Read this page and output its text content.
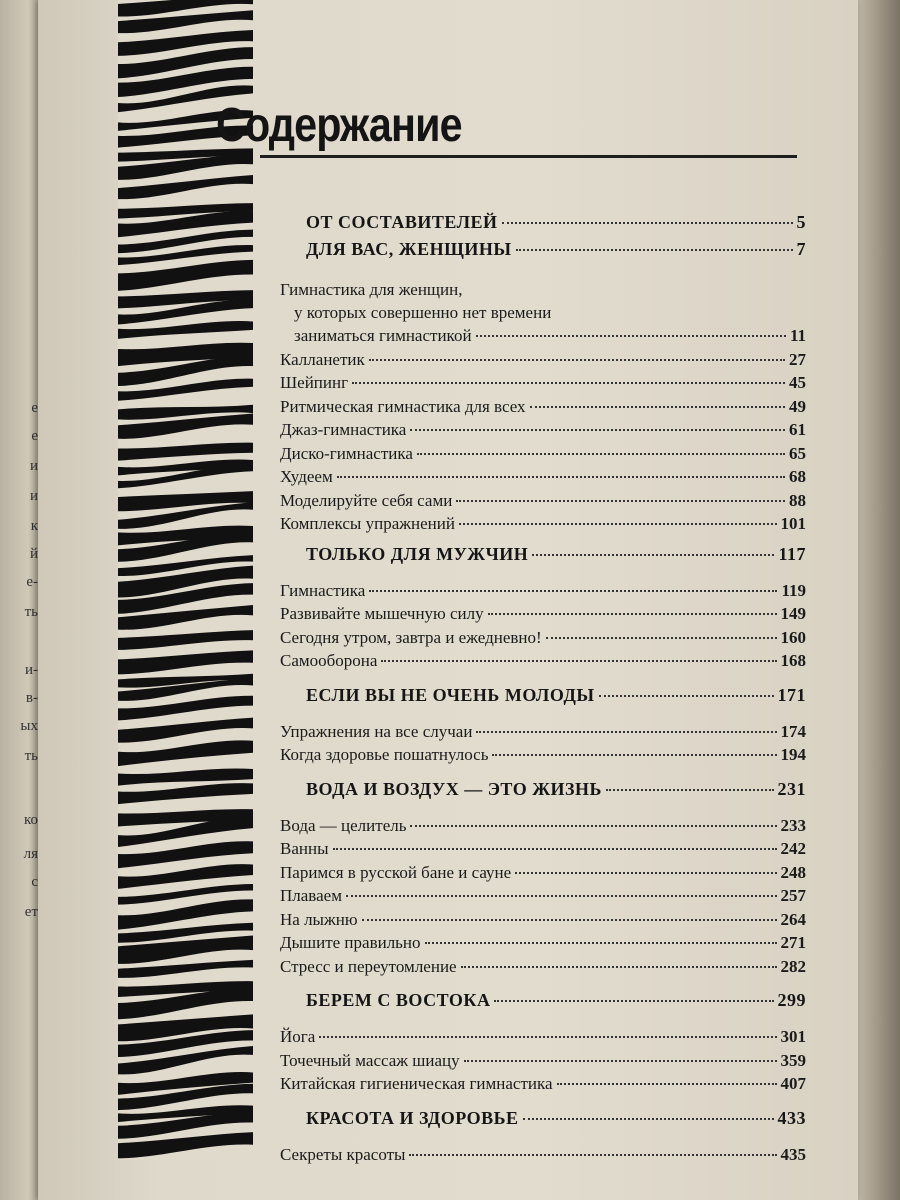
е
е
и
и
к
й
е-
ть
и-
в-
ых
ть
ко
ля
с
ет
Содержание
ОТ СОСТАВИТЕЛЕЙ	5
ДЛЯ ВАС, ЖЕНЩИНЫ	7
Гимнастика для женщин,
у которых совершенно нет времени
заниматься гимнастикой	11
Калланетик	27
Шейпинг	45
Ритмическая гимнастика для всех	49
Джаз-гимнастика	61
Диско-гимнастика	65
Худеем	68
Моделируйте себя сами	88
Комплексы упражнений	101
ТОЛЬКО ДЛЯ МУЖЧИН	117
Гимнастика	119
Развивайте мышечную силу	149
Сегодня утром, завтра и ежедневно!	160
Самооборона	168
ЕСЛИ ВЫ НЕ ОЧЕНЬ МОЛОДЫ	171
Упражнения на все случаи	174
Когда здоровье пошатнулось	194
ВОДА И ВОЗДУХ — ЭТО ЖИЗНЬ	231
Вода — целитель	233
Ванны	242
Паримся в русской бане и сауне	248
Плаваем	257
На лыжню	264
Дышите правильно	271
Стресс и переутомление	282
БЕРЕМ С ВОСТОКА	299
Йога	301
Точечный массаж шиацу	359
Китайская гигиеническая гимнастика	407
КРАСОТА И ЗДОРОВЬЕ	433
Секреты красоты	435
